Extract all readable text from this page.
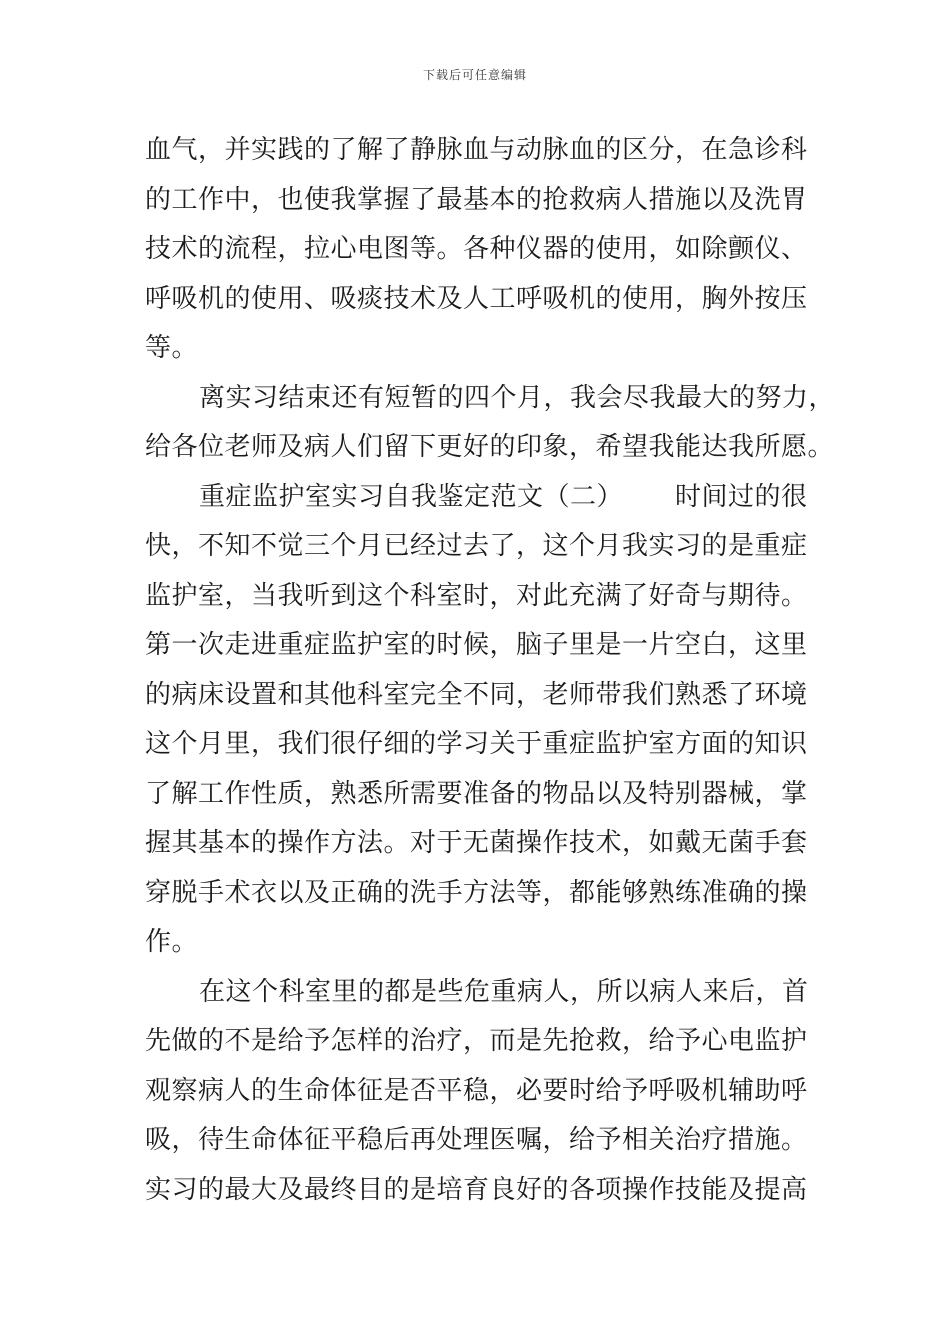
下载后可任意编辑
血气，并实践的了解了静脉血与动脉血的区分，在急诊科
的工作中，也使我掌握了最基本的抢救病人措施以及洗胃
技术的流程，拉心电图等。各种仪器的使用，如除颤仪、
呼吸机的使用、吸痰技术及人工呼吸机的使用，胸外按压
等。
离实习结束还有短暂的四个月，我会尽我最大的努力，
给各位老师及病人们留下更好的印象，希望我能达我所愿。
重症监护室实习自我鉴定范文（二） 时间过的很
快，不知不觉三个月已经过去了，这个月我实习的是重症
监护室，当我听到这个科室时，对此充满了好奇与期待。
第一次走进重症监护室的时候，脑子里是一片空白，这里
的病床设置和其他科室完全不同，老师带我们熟悉了环境
这个月里，我们很仔细的学习关于重症监护室方面的知识
了解工作性质，熟悉所需要准备的物品以及特别器械，掌
握其基本的操作方法。对于无菌操作技术，如戴无菌手套
穿脱手术衣以及正确的洗手方法等，都能够熟练准确的操
作。
在这个科室里的都是些危重病人，所以病人来后，首
先做的不是给予怎样的治疗，而是先抢救，给予心电监护
观察病人的生命体征是否平稳，必要时给予呼吸机辅助呼
吸，待生命体征平稳后再处理医嘱，给予相关治疗措施。
实习的最大及最终目的是培育良好的各项操作技能及提高
